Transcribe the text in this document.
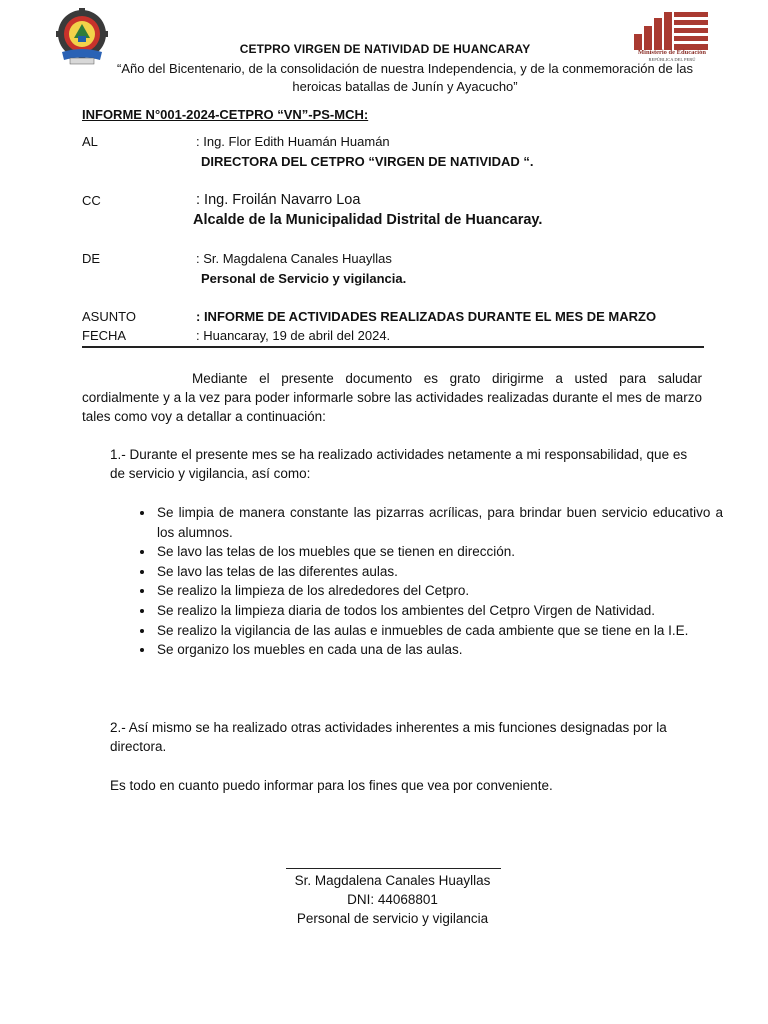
Ministerio de Educación
REPÚBLICA DEL PERÚ
CETPRO VIRGEN DE NATIVIDAD DE HUANCARAY
“Año del Bicentenario, de la consolidación de nuestra Independencia, y de la conmemoración de las heroicas batallas de Junín y Ayacucho”
INFORME N°001-2024-CETPRO “VN”-PS-MCH:
AL	: Ing. Flor Edith Huamán Huamán
DIRECTORA DEL CETPRO “VIRGEN DE NATIVIDAD “.
CC	: Ing. Froilán Navarro Loa
Alcalde de la Municipalidad Distrital de Huancaray.
DE	: Sr. Magdalena Canales Huayllas
Personal de Servicio y vigilancia.
ASUNTO	: INFORME DE ACTIVIDADES REALIZADAS DURANTE EL MES DE MARZO
FECHA	: Huancaray, 19 de abril del 2024.
Mediante el presente documento es grato dirigirme a usted para saludar cordialmente y a la vez para poder informarle sobre las actividades realizadas durante el mes de marzo tales como voy a detallar a continuación:
1.- Durante el presente mes se ha realizado actividades netamente a mi responsabilidad, que es de servicio y vigilancia, así como:
• Se limpia de manera constante las pizarras acrílicas, para brindar buen servicio educativo a los alumnos.
• Se lavo las telas de los muebles que se tienen en dirección.
• Se lavo las telas de las diferentes aulas.
• Se realizo la limpieza de los alrededores del Cetpro.
• Se realizo la limpieza diaria de todos los ambientes del Cetpro Virgen de Natividad.
• Se realizo la vigilancia de las aulas e inmuebles de cada ambiente que se tiene en la I.E.
• Se organizo los muebles en cada una de las aulas.
2.- Así mismo se ha realizado otras actividades inherentes a mis funciones designadas por la directora.
Es todo en cuanto puedo informar para los fines que vea por conveniente.
Sr. Magdalena Canales Huayllas
DNI: 44068801
Personal de servicio y vigilancia
